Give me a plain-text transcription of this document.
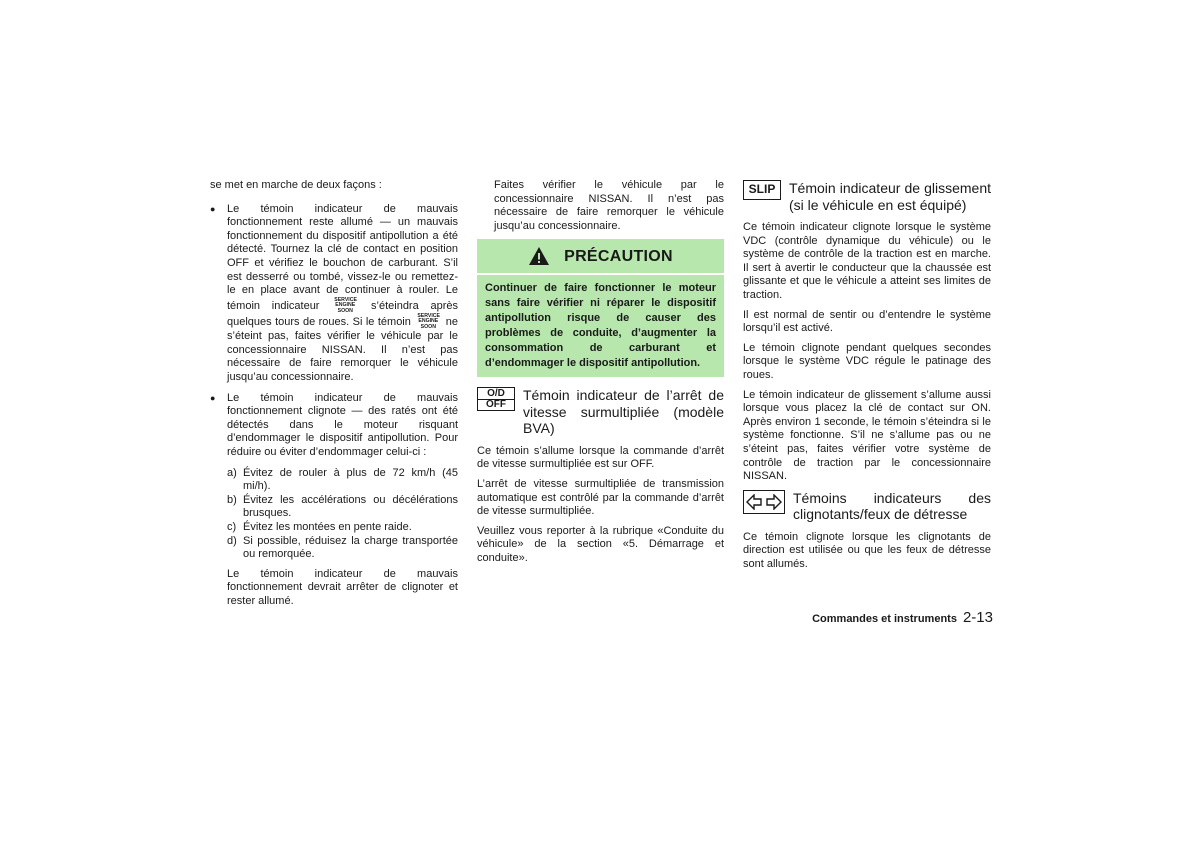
se met en marche de deux façons :

● Le témoin indicateur de mauvais fonctionnement reste allumé — un mauvais fonctionnement du dispositif antipollution a été détecté. Tournez la clé de contact en position OFF et vérifiez le bouchon de carburant. S’il est desserré ou tombé, vissez-le ou remettez-le en place avant de continuer à rouler. Le témoin indicateur SERVICE
ENGINE
SOON s’éteindra après quelques tours de roues. Si le témoin SERVICE
ENGINE
SOON ne s’éteint pas, faites vérifier le véhicule par le concessionnaire NISSAN. Il n’est pas nécessaire de faire remorquer le véhicule jusqu’au concessionnaire.
● Le témoin indicateur de mauvais fonctionnement clignote — des ratés ont été détectés dans le moteur risquant d’endommager le dispositif antipollution. Pour réduire ou éviter d’endommager celui-ci :
a) Évitez de rouler à plus de 72 km/h (45 mi/h).
b) Évitez les accélérations ou décélérations brusques.
c) Évitez les montées en pente raide.
d) Si possible, réduisez la charge transportée ou remorquée.

Le témoin indicateur de mauvais fonctionnement devrait arrêter de clignoter et rester allumé.

Faites vérifier le véhicule par le concessionnaire NISSAN. Il n’est pas nécessaire de faire remorquer le véhicule jusqu’au concessionnaire.

PRÉCAUTION
Continuer de faire fonctionner le moteur sans faire vérifier ni réparer le dispositif antipollution risque de causer des problèmes de conduite, d’augmenter la consommation de carburant et d’endommager le dispositif antipollution.
O/D
OFF
Témoin indicateur de l’arrêt de vitesse surmultipliée (modèle BVA)

Ce témoin s’allume lorsque la commande d’arrêt de vitesse surmultipliée est sur OFF.

L’arrêt de vitesse surmultipliée de transmission automatique est contrôlé par la commande d’arrêt de vitesse surmultipliée.

Veuillez vous reporter à la rubrique «Conduite du véhicule» de la section «5. Démarrage et conduite».

SLIP Témoin indicateur de glissement (si le véhicule en est équipé)

Ce témoin indicateur clignote lorsque le système VDC (contrôle dynamique du véhicule) ou le système de contrôle de la traction est en marche. Il sert à avertir le conducteur que la chaussée est glissante et que le véhicule a atteint ses limites de traction.

Il est normal de sentir ou d’entendre le système lorsqu’il est activé.

Le témoin clignote pendant quelques secondes lorsque le système VDC régule le patinage des roues.

Le témoin indicateur de glissement s’allume aussi lorsque vous placez la clé de contact sur ON. Après environ 1 seconde, le témoin s’éteindra si le système fonctionne. S’il ne s’allume pas ou ne s’éteint pas, faites vérifier votre système de contrôle de traction par le concessionnaire NISSAN.

Témoins indicateurs des clignotants/feux de détresse

Ce témoin clignote lorsque les clignotants de direction est utilisée ou que les feux de détresse sont allumés.

Commandes et instruments 2-13
